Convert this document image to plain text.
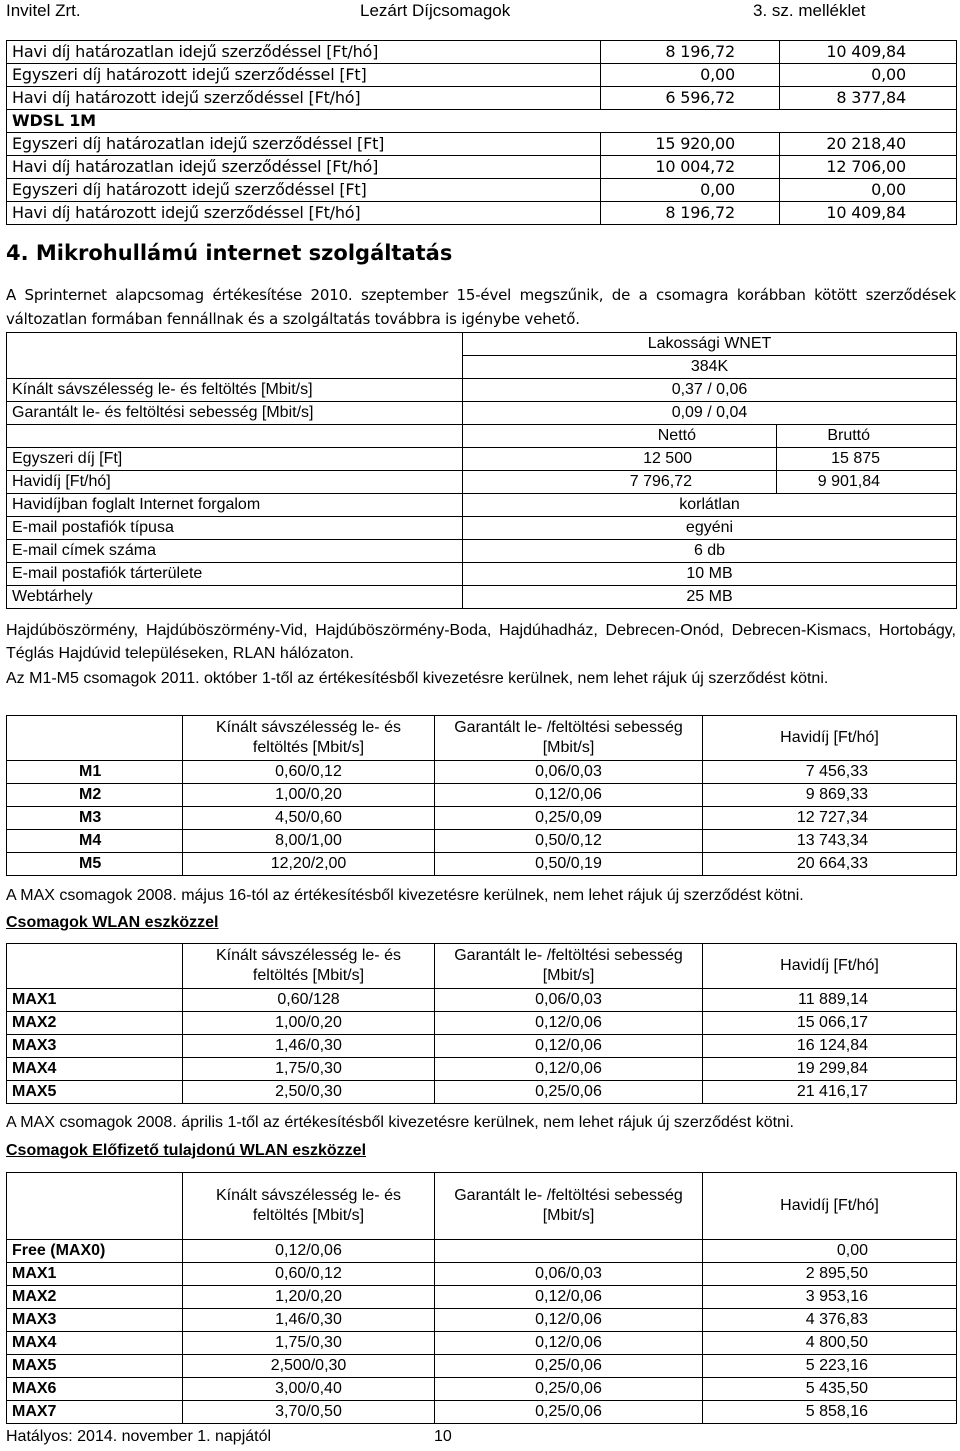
Invitel Zrt.	Lezárt Díjcsomagok	3. sz. melléklet
Havi díj határozatlan idejű szerződéssel [Ft/hó]	8 196,72	10 409,84
Egyszeri díj határozott idejű szerződéssel [Ft]	0,00	0,00
Havi díj határozott idejű szerződéssel [Ft/hó]	6 596,72	8 377,84
WDSL 1M		
Egyszeri díj határozatlan idejű szerződéssel [Ft]	15 920,00	20 218,40
Havi díj határozatlan idejű szerződéssel [Ft/hó]	10 004,72	12 706,00
Egyszeri díj határozott idejű szerződéssel [Ft]	0,00	0,00
Havi díj határozott idejű szerződéssel [Ft/hó]	8 196,72	10 409,84
4. Mikrohullámú internet szolgáltatás
A Sprinternet alapcsomag értékesítése 2010. szeptember 15-ével megszűnik, de a csomagra korábban kötött szerződések változatlan formában fennállnak és a szolgáltatás továbbra is igénybe vehető.
	Lakossági WNET	
	384K	
Kínált sávszélesség le- és feltöltés [Mbit/s]	0,37 / 0,06	
Garantált le- és feltöltési sebesség [Mbit/s]	0,09 / 0,04	
	Nettó	Bruttó
Egyszeri díj [Ft]	12 500	15 875
Havidíj [Ft/hó]	7 796,72	9 901,84
Havidíjban foglalt Internet forgalom	korlátlan	
E-mail postafiók típusa	egyéni	
E-mail címek száma	6 db	
E-mail postafiók tárterülete	10 MB	
Webtárhely	25 MB	
Hajdúböszörmény, Hajdúböszörmény-Vid, Hajdúböszörmény-Boda, Hajdúhadház, Debrecen-Onód, Debrecen-Kismacs, Hortobágy, Téglás Hajdúvid településeken, RLAN hálózaton.
Az M1-M5 csomagok 2011. október 1-től az értékesítésből kivezetésre kerülnek, nem lehet rájuk új szerződést kötni.
	Kínált sávszélesség le- és feltöltés [Mbit/s]	Garantált le- /feltöltési sebesség [Mbit/s]	Havidíj [Ft/hó]
M1	0,60/0,12	0,06/0,03	7 456,33
M2	1,00/0,20	0,12/0,06	9 869,33
M3	4,50/0,60	0,25/0,09	12 727,34
M4	8,00/1,00	0,50/0,12	13 743,34
M5	12,20/2,00	0,50/0,19	20 664,33
A MAX csomagok 2008. május 16-tól az értékesítésből kivezetésre kerülnek, nem lehet rájuk új szerződést kötni.
Csomagok WLAN eszközzel
	Kínált sávszélesség le- és feltöltés [Mbit/s]	Garantált le- /feltöltési sebesség [Mbit/s]	Havidíj [Ft/hó]
MAX1	0,60/128	0,06/0,03	11 889,14
MAX2	1,00/0,20	0,12/0,06	15 066,17
MAX3	1,46/0,30	0,12/0,06	16 124,84
MAX4	1,75/0,30	0,12/0,06	19 299,84
MAX5	2,50/0,30	0,25/0,06	21 416,17
A MAX csomagok 2008. április 1-től az értékesítésből kivezetésre kerülnek, nem lehet rájuk új szerződést kötni.
Csomagok Előfizető tulajdonú WLAN eszközzel
	Kínált sávszélesség le- és feltöltés [Mbit/s]	Garantált le- /feltöltési sebesség [Mbit/s]	Havidíj [Ft/hó]
Free (MAX0)	0,12/0,06		0,00
MAX1	0,60/0,12	0,06/0,03	2 895,50
MAX2	1,20/0,20	0,12/0,06	3 953,16
MAX3	1,46/0,30	0,12/0,06	4 376,83
MAX4	1,75/0,30	0,12/0,06	4 800,50
MAX5	2,500/0,30	0,25/0,06	5 223,16
MAX6	3,00/0,40	0,25/0,06	5 435,50
MAX7	3,70/0,50	0,25/0,06	5 858,16
Hatályos: 2014. november 1. napjától	10
